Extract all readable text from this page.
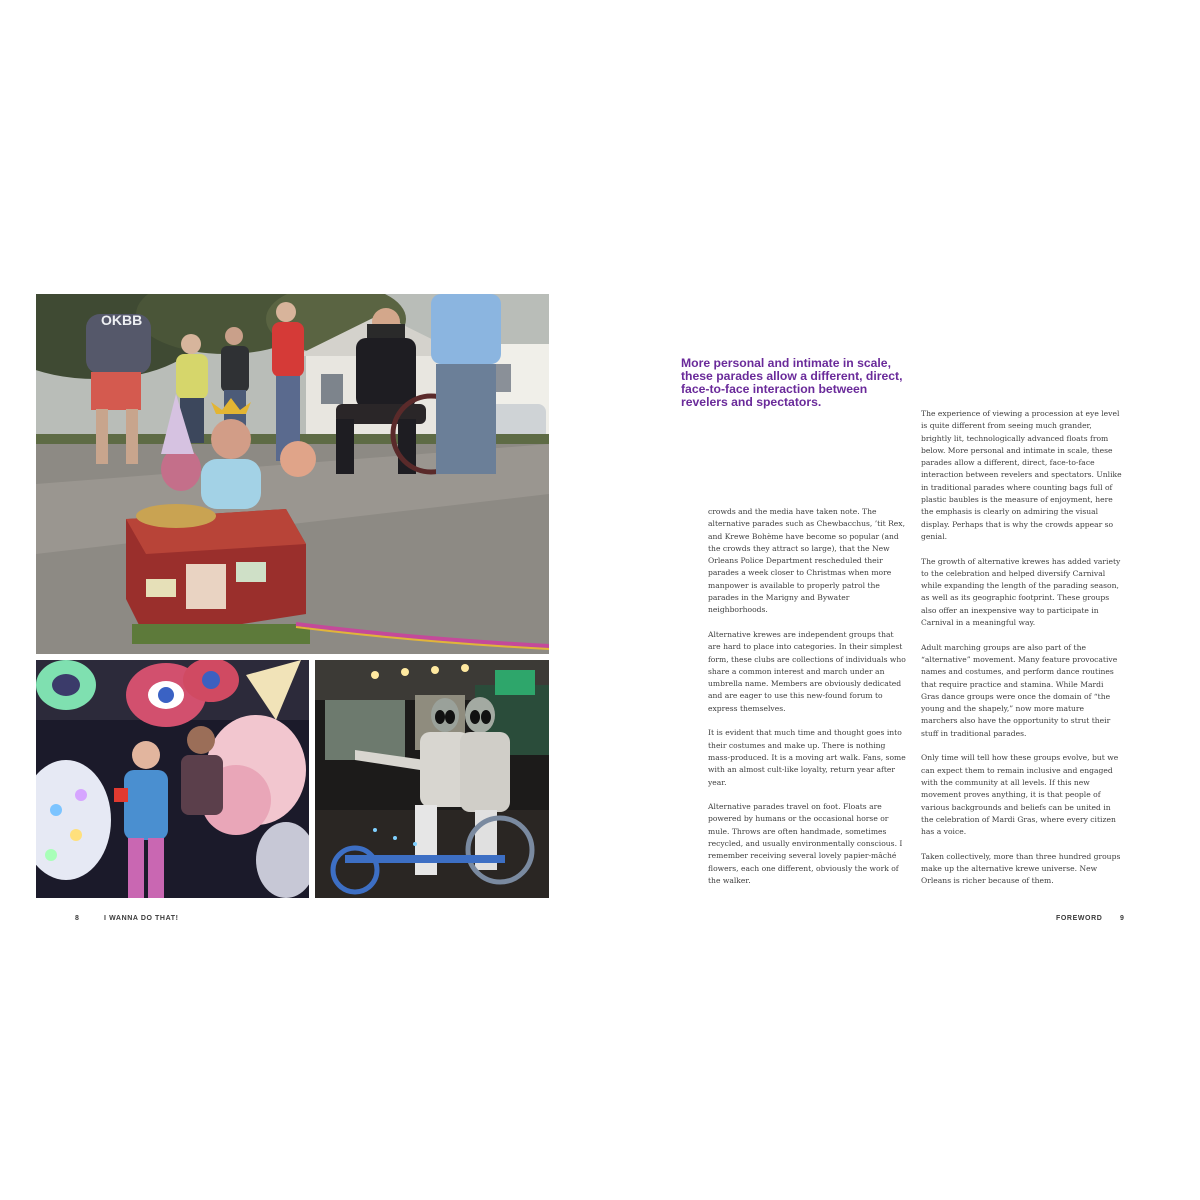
OKBB

More personal and intimate in scale, these parades allow a different, direct, face-to-face interaction between revelers and spectators.

crowds and the media have taken note. The alternative parades such as Chewbacchus, ’tit Rex, and Krewe Bohème have become so popular (and the crowds they attract so large), that the New Orleans Police Department rescheduled their parades a week closer to Christmas when more manpower is available to properly patrol the parades in the Marigny and Bywater neighborhoods.

Alternative krewes are independent groups that are hard to place into categories. In their simplest form, these clubs are collections of individuals who share a common interest and march under an umbrella name. Members are obviously dedicated and are eager to use this new-found forum to express themselves.

It is evident that much time and thought goes into their costumes and make up. There is nothing mass-produced. It is a moving art walk. Fans, some with an almost cult-like loyalty, return year after year.

Alternative parades travel on foot. Floats are powered by humans or the occasional horse or mule. Throws are often handmade, sometimes recycled, and usually environmentally conscious. I remember receiving several lovely papier-mâché flowers, each one different, obviously the work of the walker.

The experience of viewing a procession at eye level is quite different from seeing much grander, brightly lit, technologically advanced floats from below. More personal and intimate in scale, these parades allow a different, direct, face-to-face interaction between revelers and spectators. Unlike in traditional parades where counting bags full of plastic baubles is the measure of enjoyment, here the emphasis is clearly on admiring the visual display. Perhaps that is why the crowds appear so genial.

The growth of alternative krewes has added variety to the celebration and helped diversify Carnival while expanding the length of the parading season, as well as its geographic footprint. These groups also offer an inexpensive way to participate in Carnival in a meaningful way.

Adult marching groups are also part of the “alternative” movement. Many feature provocative names and costumes, and perform dance routines that require practice and stamina. While Mardi Gras dance groups were once the domain of “the young and the shapely,” now more mature marchers also have the opportunity to strut their stuff in traditional parades.

Only time will tell how these groups evolve, but we can expect them to remain inclusive and engaged with the community at all levels. If this new movement proves anything, it is that people of various backgrounds and beliefs can be united in the celebration of Mardi Gras, where every citizen has a voice.

Taken collectively, more than three hundred groups make up the alternative krewe universe. New Orleans is richer because of them.

8	I WANNA DO THAT!	FOREWORD	9
